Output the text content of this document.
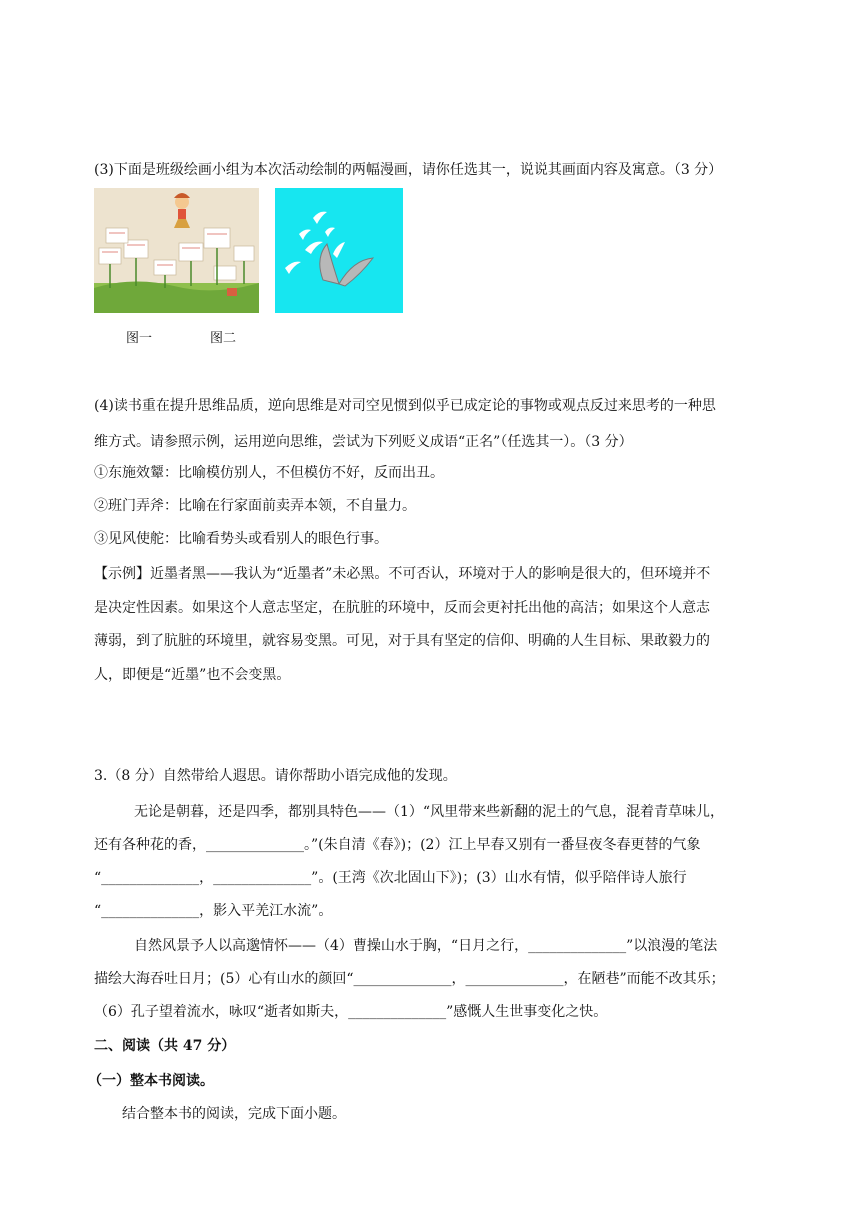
(3)下面是班级绘画小组为本次活动绘制的两幅漫画，请你任选其一，说说其画面内容及寓意。（3 分）
图一	图二
(4)读书重在提升思维品质，逆向思维是对司空见惯到似乎已成定论的事物或观点反过来思考的一种思
维方式。请参照示例，运用逆向思维，尝试为下列贬义成语“正名”（任选其一）。（3 分）
①东施效颦：比喻模仿别人，不但模仿不好，反而出丑。
②班门弄斧：比喻在行家面前卖弄本领，不自量力。
③见风使舵：比喻看势头或看别人的眼色行事。
【示例】近墨者黑——我认为“近墨者”未必黑。不可否认，环境对于人的影响是很大的，但环境并不
是决定性因素。如果这个人意志坚定，在肮脏的环境中，反而会更衬托出他的高洁；如果这个人意志
薄弱，到了肮脏的环境里，就容易变黑。可见，对于具有坚定的信仰、明确的人生目标、果敢毅力的
人，即便是“近墨”也不会变黑。
3.（8 分）自然带给人遐思。请你帮助小语完成他的发现。
无论是朝暮，还是四季，都别具特色——（1）“风里带来些新翻的泥土的气息，混着青草味儿，
还有各种花的香，______________。”(朱自清《春》)；(2）江上早春又别有一番昼夜冬春更替的气象
“______________，______________”。(王湾《次北固山下》)；(3）山水有情，似乎陪伴诗人旅行
“______________，影入平羌江水流”。
自然风景予人以高邈情怀——（4）曹操山水于胸，“日月之行，______________”以浪漫的笔法
描绘大海吞吐日月；(5）心有山水的颜回“______________，______________，在陋巷”而能不改其乐；
（6）孔子望着流水，咏叹“逝者如斯夫，______________”感慨人生世事变化之快。
二、阅读（共 47 分）
（一）整本书阅读。
结合整本书的阅读，完成下面小题。
